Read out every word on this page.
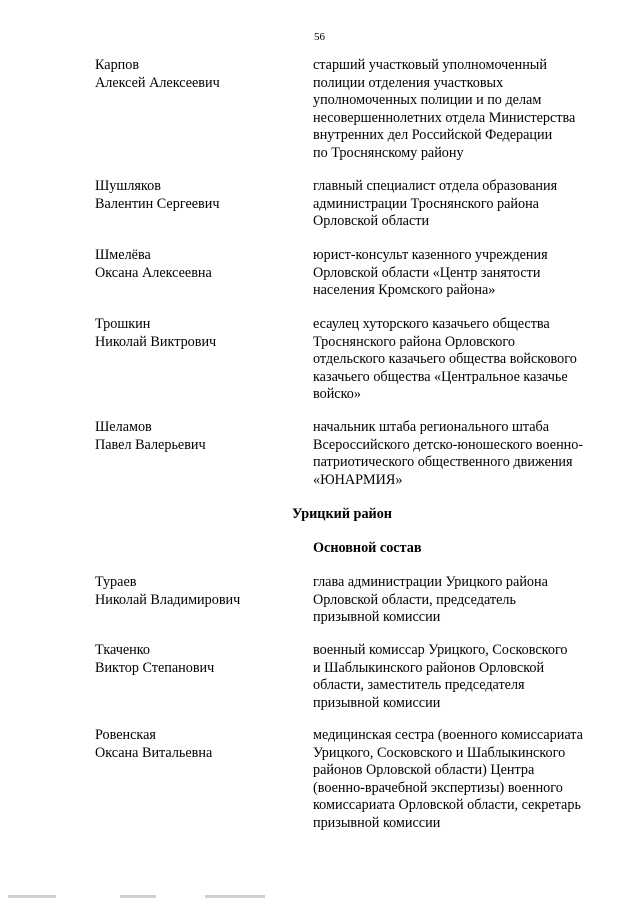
56
Карпов
Алексей Алексеевич
старший участковый уполномоченный
полиции отделения участковых
уполномоченных полиции и по делам
несовершеннолетних отдела Министерства
внутренних дел Российской Федерации
по Троснянскому району
Шушляков
Валентин Сергеевич
главный специалист отдела образования
администрации Троснянского района
Орловской области
Шмелёва
Оксана Алексеевна
юрист-консульт казенного учреждения
Орловской области «Центр занятости
населения Кромского района»
Трошкин
Николай Виктрович
есаулец хуторского казачьего общества
Троснянского района Орловского
отдельского казачьего общества войскового
казачьего общества «Центральное казачье
войско»
Шеламов
Павел Валерьевич
начальник штаба регионального штаба
Всероссийского детско-юношеского военно-
патриотического общественного движения
«ЮНАРМИЯ»
Урицкий район
Основной состав
Тураев
Николай Владимирович
глава администрации Урицкого района
Орловской области, председатель
призывной комиссии
Ткаченко
Виктор Степанович
военный комиссар Урицкого, Сосковского
и Шаблыкинского районов Орловской
области, заместитель председателя
призывной комиссии
Ровенская
Оксана Витальевна
медицинская сестра (военного комиссариата
Урицкого, Сосковского и Шаблыкинского
районов Орловской области) Центра
(военно-врачебной экспертизы) военного
комиссариата Орловской области, секретарь
призывной комиссии
